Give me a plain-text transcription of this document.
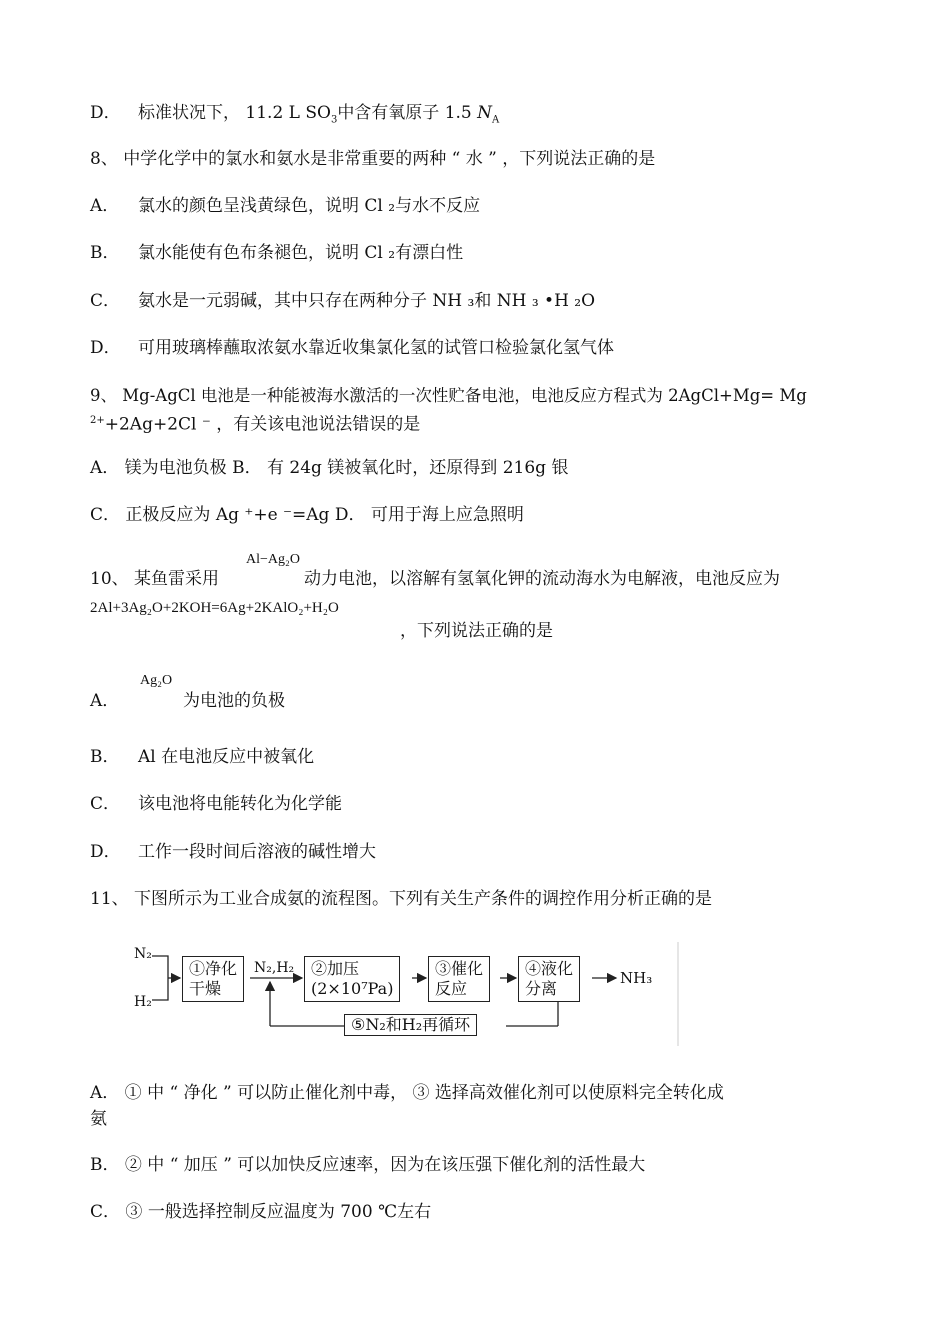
D． 标准状况下， 11.2 L $SO_3$中含有氧原子 1.5 $N_A$
8、 中学化学中的氯水和氨水是非常重要的两种 “ 水 ” ，下列说法正确的是
A． 氯水的颜色呈浅黄绿色，说明 Cl ₂与水不反应
B． 氯水能使有色布条褪色，说明 Cl ₂有漂白性
C． 氨水是一元弱碱，其中只存在两种分子 NH ₃和 NH ₃ •H ₂O
D． 可用玻璃棒蘸取浓氨水靠近收集氯化氢的试管口检验氯化氢气体
9、 Mg-AgCl 电池是一种能被海水激活的一次性贮备电池，电池反应方程式为 2AgCl+Mg= Mg
$^{2+}$+2Ag+2Cl ⁻ ，有关该电池说法错误的是
A． 镁为电池负极 B． 有 24g 镁被氧化时，还原得到 216g 银
C． 正极反应为 Ag ⁺+e ⁻=Ag D． 可用于海上应急照明
Al−Ag₂O
10、 某鱼雷采用	动力电池，以溶解有氢氧化钾的流动海水为电解液，电池反应为
2Al+3Ag₂O+2KOH=6Ag+2KAlO₂+H₂O
，下列说法正确的是
Ag₂O
A．	为电池的负极
B． Al 在电池反应中被氧化
C． 该电池将电能转化为化学能
D． 工作一段时间后溶液的碱性增大
11、 下图所示为工业合成氨的流程图。下列有关生产条件的调控作用分析正确的是
N₂
H₂
①净化
干燥
N₂,H₂ ②加压
(2×10⁷Pa)
③催化
反应
④液化
分离
NH₃
⑤N₂和H₂再循环
A． ① 中 “ 净化 ” 可以防止催化剂中毒， ③ 选择高效催化剂可以使原料完全转化成
氨
B． ② 中 “ 加压 ” 可以加快反应速率，因为在该压强下催化剂的活性最大
C． ③ 一般选择控制反应温度为 700 ℃左右
